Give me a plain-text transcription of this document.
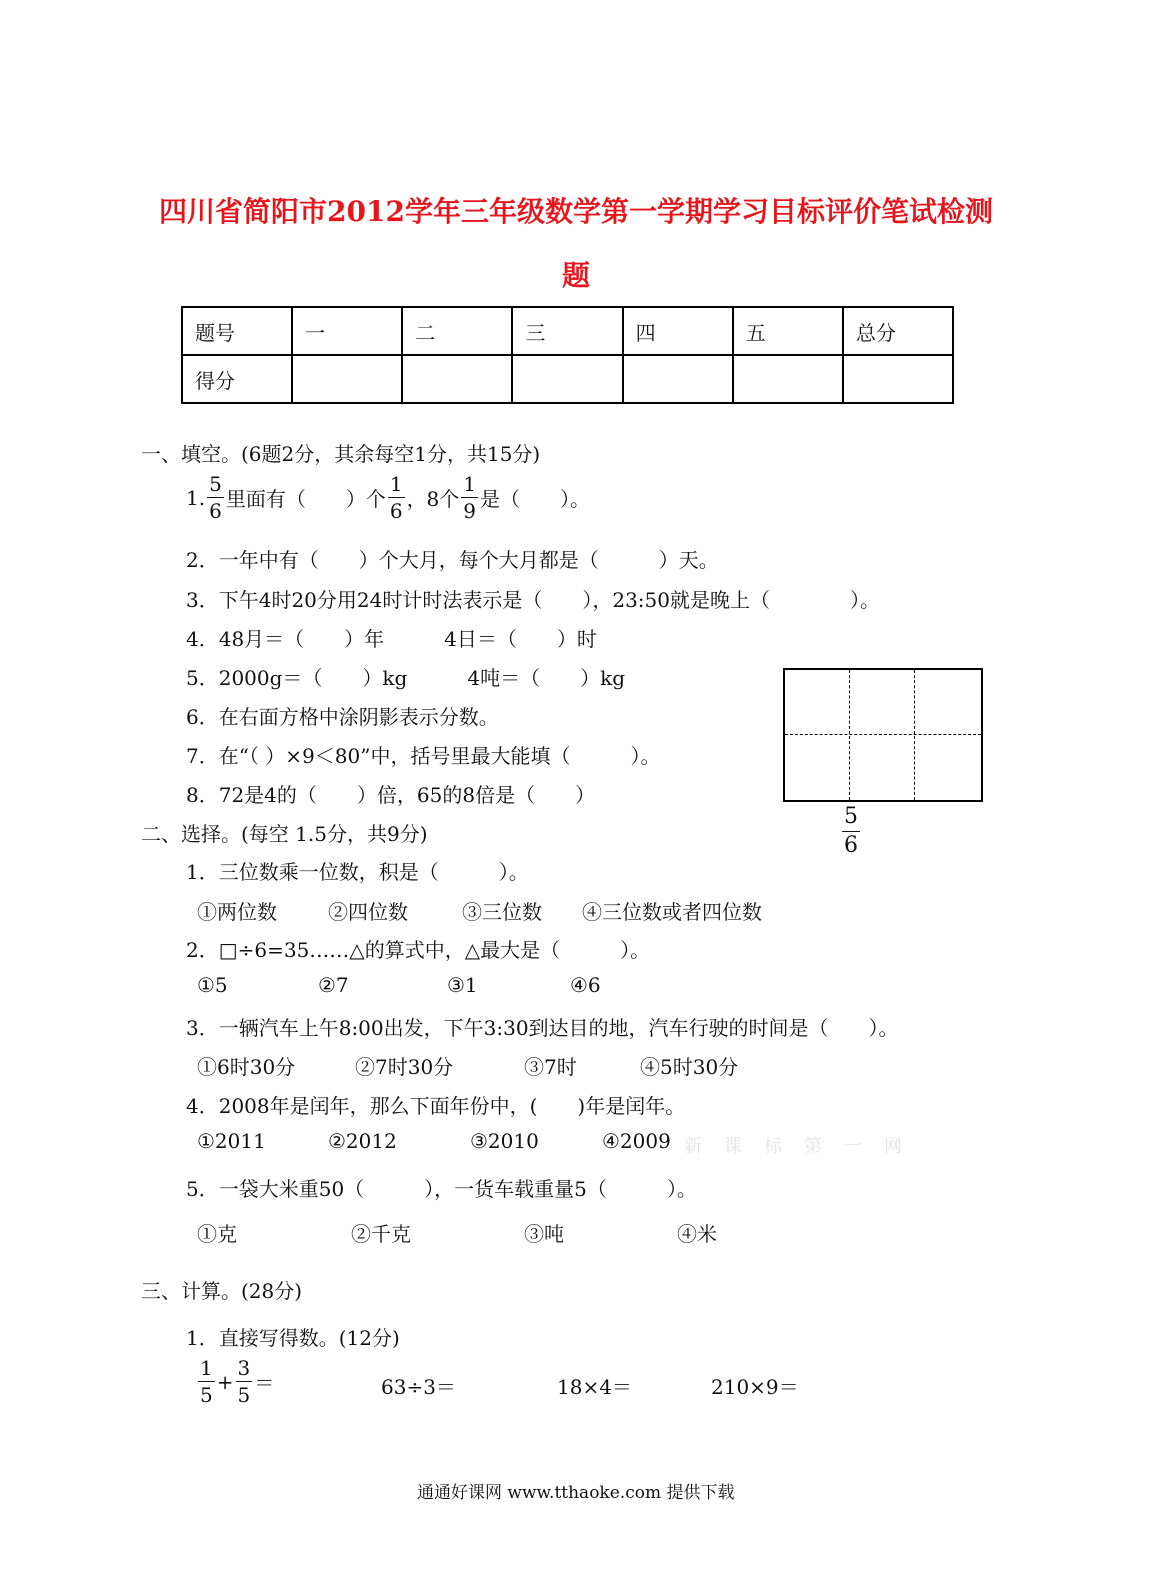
四川省简阳市2012学年三年级数学第一学期学习目标评价笔试检测
题
题号	一	二	三	四	五	总分
得分						
一、填空。(6题2分，其余每空1分，共15分)
1. $\frac{5}{6}$ 里面有（　　）个 $\frac{1}{6}$ ，8个 $\frac{1}{9}$ 是（　　）。
2．一年中有（　　）个大月，每个大月都是（　　　）天。
3．下午4时20分用24时计时法表示是（　　），23:50就是晚上（　　　　）。
4．48月＝（　　）年　　　4日＝（　　）时
5．2000g＝（　　）kg　　　4吨＝（　　）kg
6．在右面方格中涂阴影表示分数。
7．在“（ ）×9＜80”中，括号里最大能填（　　　）。
8．72是4的（　　）倍，65的8倍是（　　）
$\frac{5}{6}$
二、选择。(每空 1.5分，共9分)
1．三位数乘一位数，积是（　　　）。
①两位数	②四位数	③三位数 ④三位数或者四位数
2．□÷6=35……△的算式中，△最大是（　　　）。
①5	②7	③1	④6
3．一辆汽车上午8:00出发，下午3:30到达目的地，汽车行驶的时间是（　　）。
①6时30分	②7时30分	③7时	④5时30分
4．2008年是闰年，那么下面年份中，(　　)年是闰年。
①2011	②2012	③2010	④2009 新课标第一网
5．一袋大米重50（　　　），一货车载重量5（　　　）。
①克	②千克	③吨	④米
三、计算。(28分)
1．直接写得数。(12分)
$\frac{1}{5} + \frac{3}{5}$ ＝	63÷3＝	18×4＝	210×9＝
通通好课网 www.tthaoke.com 提供下载
